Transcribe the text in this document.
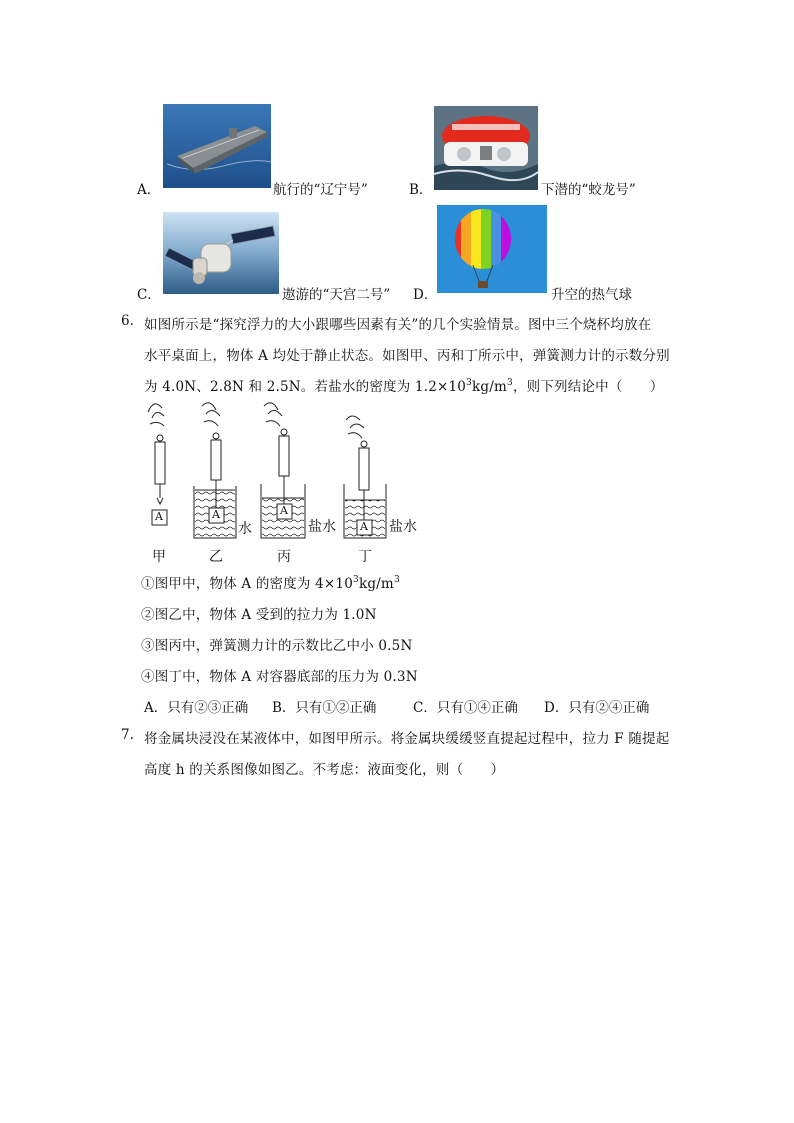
A．	航行的“辽宁号”	B．	下潜的“蛟龙号”
C．	遨游的“天宫二号” D．	升空的热气球
6. 如图所示是“探究浮力的大小跟哪些因素有关”的几个实验情景。图中三个烧杯均放在
水平桌面上，物体 A 均处于静止状态。如图甲、丙和丁所示中，弹簧测力计的示数分别
为 4.0N、2.8N 和 2.5N。若盐水的密度为 $1.2\times 10^3kg/m^3$，则下列结论中（　　）
A	A	A
A
水	盐水	盐水
甲	乙	丙	丁
①图甲中，物体 A 的密度为 $4\times 10^3kg/m^3$
②图乙中，物体 A 受到的拉力为 1.0N
③图丙中，弹簧测力计的示数比乙中小 0.5N
④图丁中，物体 A 对容器底部的压力为 0.3N
A．只有②③正确 B．只有①②正确	C．只有①④正确 D．只有②④正确
7. 将金属块浸没在某液体中，如图甲所示。将金属块缓缓竖直提起过程中，拉力 F 随提起
高度 h 的关系图像如图乙。不考虑：液面变化，则（　　）
